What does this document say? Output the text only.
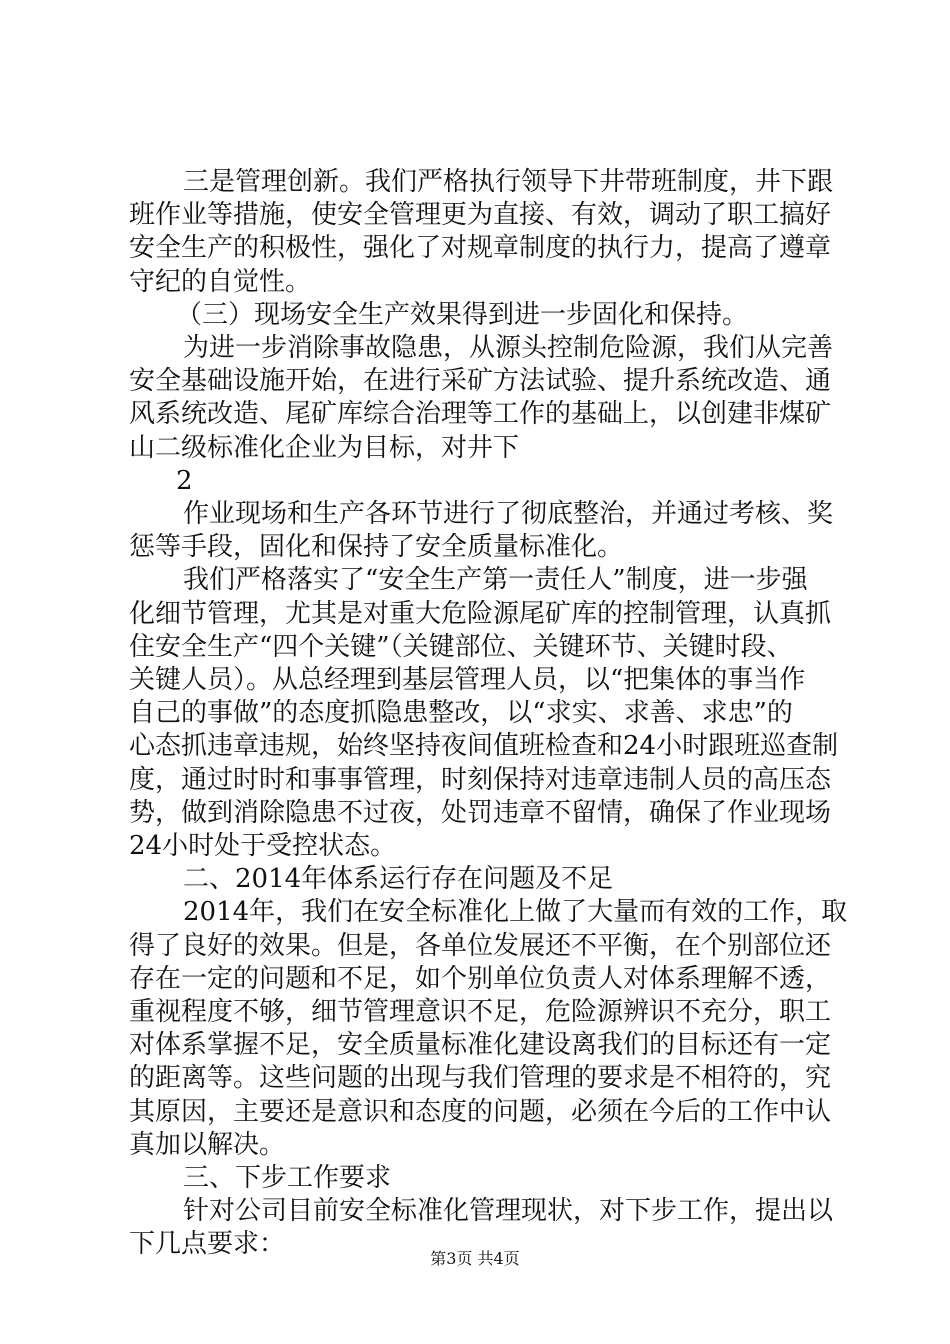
三是管理创新。我们严格执行领导下井带班制度，井下跟
班作业等措施，使安全管理更为直接、有效，调动了职工搞好
安全生产的积极性，强化了对规章制度的执行力，提高了遵章
守纪的自觉性。
（三）现场安全生产效果得到进一步固化和保持。
为进一步消除事故隐患，从源头控制危险源，我们从完善
安全基础设施开始，在进行采矿方法试验、提升系统改造、通
风系统改造、尾矿库综合治理等工作的基础上，以创建非煤矿
山二级标准化企业为目标，对井下
2
作业现场和生产各环节进行了彻底整治，并通过考核、奖
惩等手段，固化和保持了安全质量标准化。
我们严格落实了“安全生产第一责任人”制度，进一步强
化细节管理，尤其是对重大危险源尾矿库的控制管理，认真抓
住安全生产“四个关键”（关键部位、关键环节、关键时段、
关键人员）。从总经理到基层管理人员，以“把集体的事当作
自己的事做”的态度抓隐患整改，以“求实、求善、求忠”的
心态抓违章违规，始终坚持夜间值班检查和24小时跟班巡查制
度，通过时时和事事管理，时刻保持对违章违制人员的高压态
势，做到消除隐患不过夜，处罚违章不留情，确保了作业现场
24小时处于受控状态。
二、2014年体系运行存在问题及不足
2014年，我们在安全标准化上做了大量而有效的工作，取
得了良好的效果。但是，各单位发展还不平衡，在个别部位还
存在一定的问题和不足，如个别单位负责人对体系理解不透，
重视程度不够，细节管理意识不足，危险源辨识不充分，职工
对体系掌握不足，安全质量标准化建设离我们的目标还有一定
的距离等。这些问题的出现与我们管理的要求是不相符的，究
其原因，主要还是意识和态度的问题，必须在今后的工作中认
真加以解决。
三、下步工作要求
针对公司目前安全标准化管理现状，对下步工作，提出以
下几点要求：	第3页 共4页
